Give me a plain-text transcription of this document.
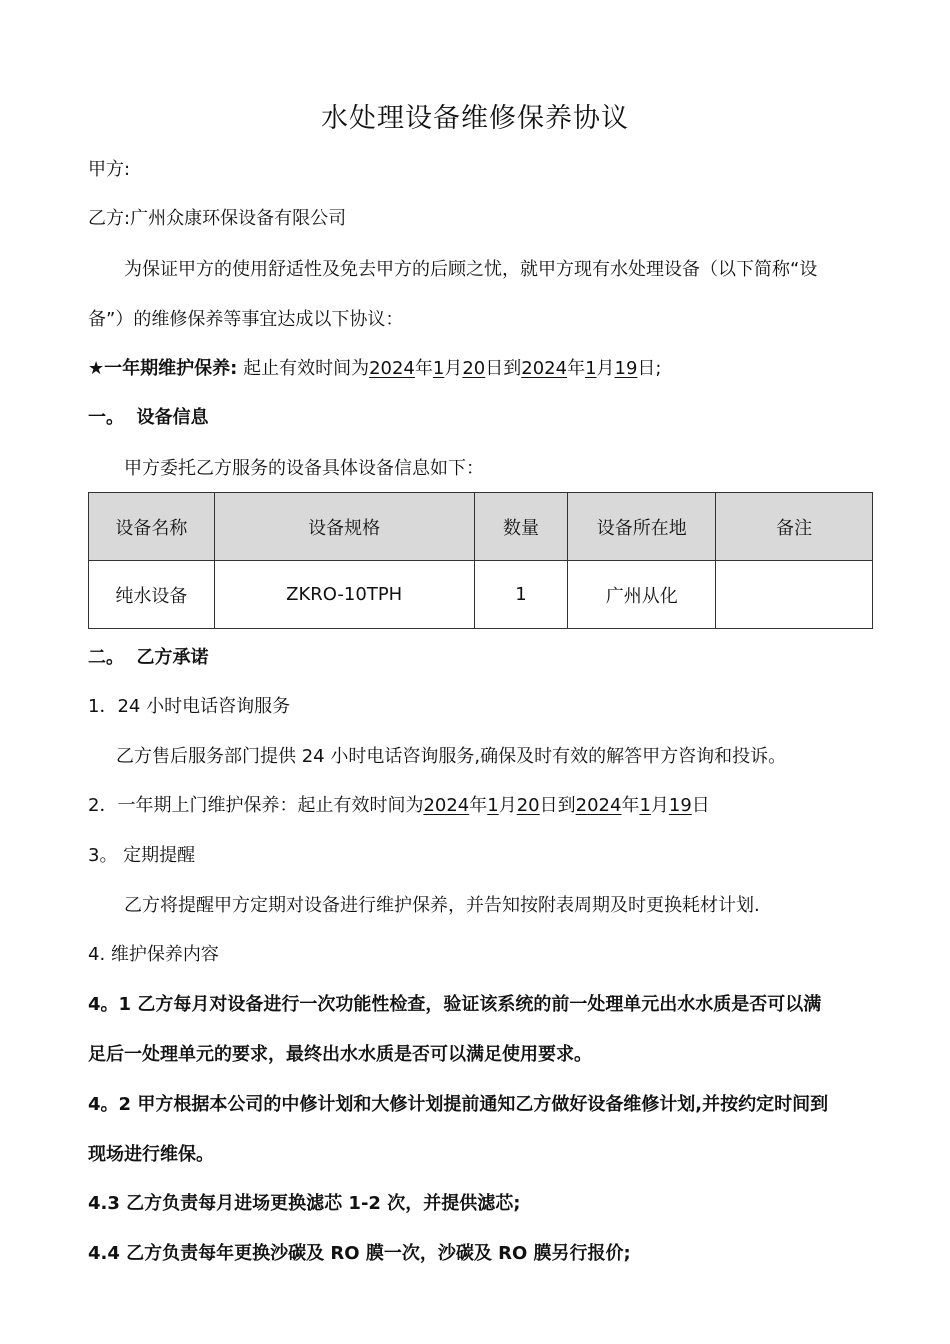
水处理设备维修保养协议
甲方:
乙方:广州众康环保设备有限公司
为保证甲方的使用舒适性及免去甲方的后顾之忧，就甲方现有水处理设备（以下简称“设
备”）的维修保养等事宜达成以下协议：
★一年期维护保养: 起止有效时间为2024年1月20日到2024年1月19日;
一。 设备信息
甲方委托乙方服务的设备具体设备信息如下：
设备名称	设备规格	数量	设备所在地	备注
纯水设备	ZKRO-10TPH	1	广州从化	
二。 乙方承诺
1．24 小时电话咨询服务
乙方售后服务部门提供 24 小时电话咨询服务,确保及时有效的解答甲方咨询和投诉。
2．一年期上门维护保养：起止有效时间为2024年1月20日到2024年1月19日
3。 定期提醒
乙方将提醒甲方定期对设备进行维护保养，并告知按附表周期及时更换耗材计划.
4. 维护保养内容
4。1 乙方每月对设备进行一次功能性检查，验证该系统的前一处理单元出水水质是否可以满
足后一处理单元的要求，最终出水水质是否可以满足使用要求。
4。2 甲方根据本公司的中修计划和大修计划提前通知乙方做好设备维修计划,并按约定时间到
现场进行维保。
4.3 乙方负责每月进场更换滤芯 1-2 次，并提供滤芯;
4.4 乙方负责每年更换沙碳及 RO 膜一次，沙碳及 RO 膜另行报价;
